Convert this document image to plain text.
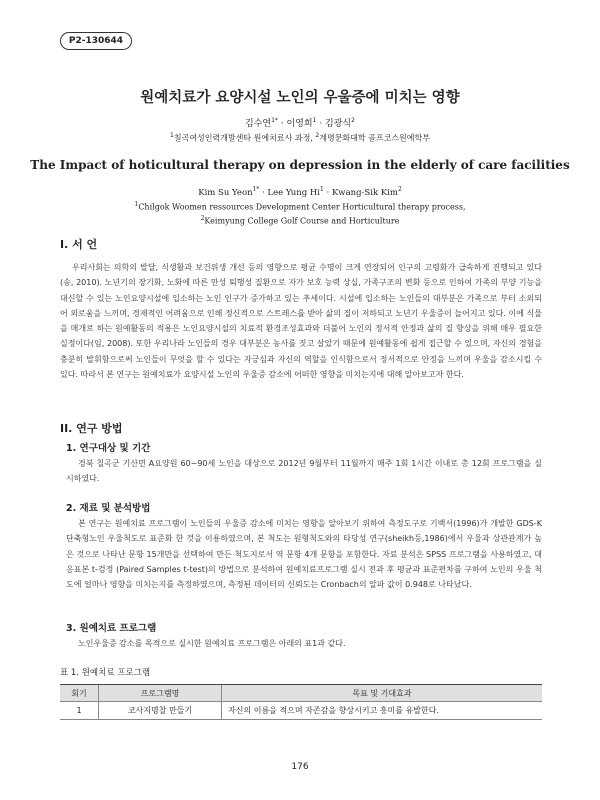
P2-130644
원예치료가 요양시설 노인의 우울증에 미치는 영향
김수연$^{1*}$ · 이영희$^1$ · 김광식$^2$
$^1$칠곡여성인력개발센타 원예치료사 과정, $^2$계명문화대학 골프코스원예학부
The Impact of hoticultural therapy on depression in the elderly of care facilities
Kim Su Yeon$^{1*}$ · Lee Yung $Hi^1$ · Kwang-Sik Kim$^2$
$^1$Chilgok Woomen ressources Development Center Horticultural therapy process,
$^2$Keimyung College Golf Course and Horticulture
I. 서 언
우리사회는 의학의 발달, 식생활과 보건위생 개선 등의 영향으로 평균 수명이 크게 연장되어 인구의 고령화가 급속하게 진행되고 있다(송, 2010). 노년기의 장기화, 노화에 따른 만성 퇴행성 질환으로 자가 보호 능력 상실, 가족구조의 변화 등으로 인하여 가족의 부양 기능을 대신할 수 있는 노인요양시설에 입소하는 노인 인구가 증가하고 있는 추세이다. 시설에 입소하는 노인들의 대부분은 가족으로 부터 소외되어 외로움을 느끼며, 경제적인 어려움으로 인해 정신적으로 스트레스를 받아 삶의 질이 저하되고 노년기 우울증이 늘어지고 있다. 이에 식물을 매개로 하는 원예활동의 적용은 노인요양시설의 치료적 환경조성효과와 더불어 노인의 정서적 안정과 삶의 질 향상을 위해 매우 필요한 실정이다(임, 2008). 또한 우리나라 노인들의 경우 대부분은 농사를 짓고 살았기 때문에 원예활동에 쉽게 접근할 수 있으며, 자신의 경험을 충분히 발휘함으로써 노인들이 무엇을 할 수 있다는 자긍심과 자신의 역할을 인식함으로서 정서적으로 안정을 느끼며 우울을 감소시킬 수 있다. 따라서 본 연구는 원예치료가 요양시설 노인의 우울증 감소에 어떠한 영향을 미치는지에 대해 알아보고자 한다.
II. 연구 방법
1. 연구대상 및 기간
경북 칠곡군 기산면 A요양원 60~90세 노인을 대상으로 2012년 9월부터 11월까지 매주 1회 1시간 이내로 총 12회 프로그램을 실시하였다.
2. 재료 및 분석방법
본 연구는 원예치료 프로그램이 노인들의 우울증 감소에 미치는 영향을 알아보기 위하여 측정도구로 기백서(1996)가 개발한 GDS-K 단축형노인 우울척도로 표준화 한 것을 이용하였으며, 본 척도는 원형척도와의 타당성 연구(sheikh등,1986)에서 우울과 상관관계가 높은 것으로 나타난 문항 15개만을 선택하여 만든 척도지로서 역 문항 4개 문항을 포함한다. 자료 분석은 SPSS 프로그램을 사용하였고, 대응표본 t-검정 (Paired Samples t-test)의 방법으로 분석하여 원예치료프로그램 실시 전과 후 평균과 표준편차를 구하여 노인의 우울 척도에 얼마나 영향을 미치는지를 측정하였으며, 측정된 데이터의 신뢰도는 Cronbach의 알파 값이 0.948로 나타났다.
3. 원예치료 프로그램
노인우울증 감소를 목적으로 실시한 원예치료 프로그램은 아래의 표1과 같다.
표 1. 원예치료 프로그램
회기	프로그램명	목표 및 기대효과
1	코사지명찰 만들기	자신의 이름을 적으며 자존감을 향상시키고 흥미를 유발한다.
176
